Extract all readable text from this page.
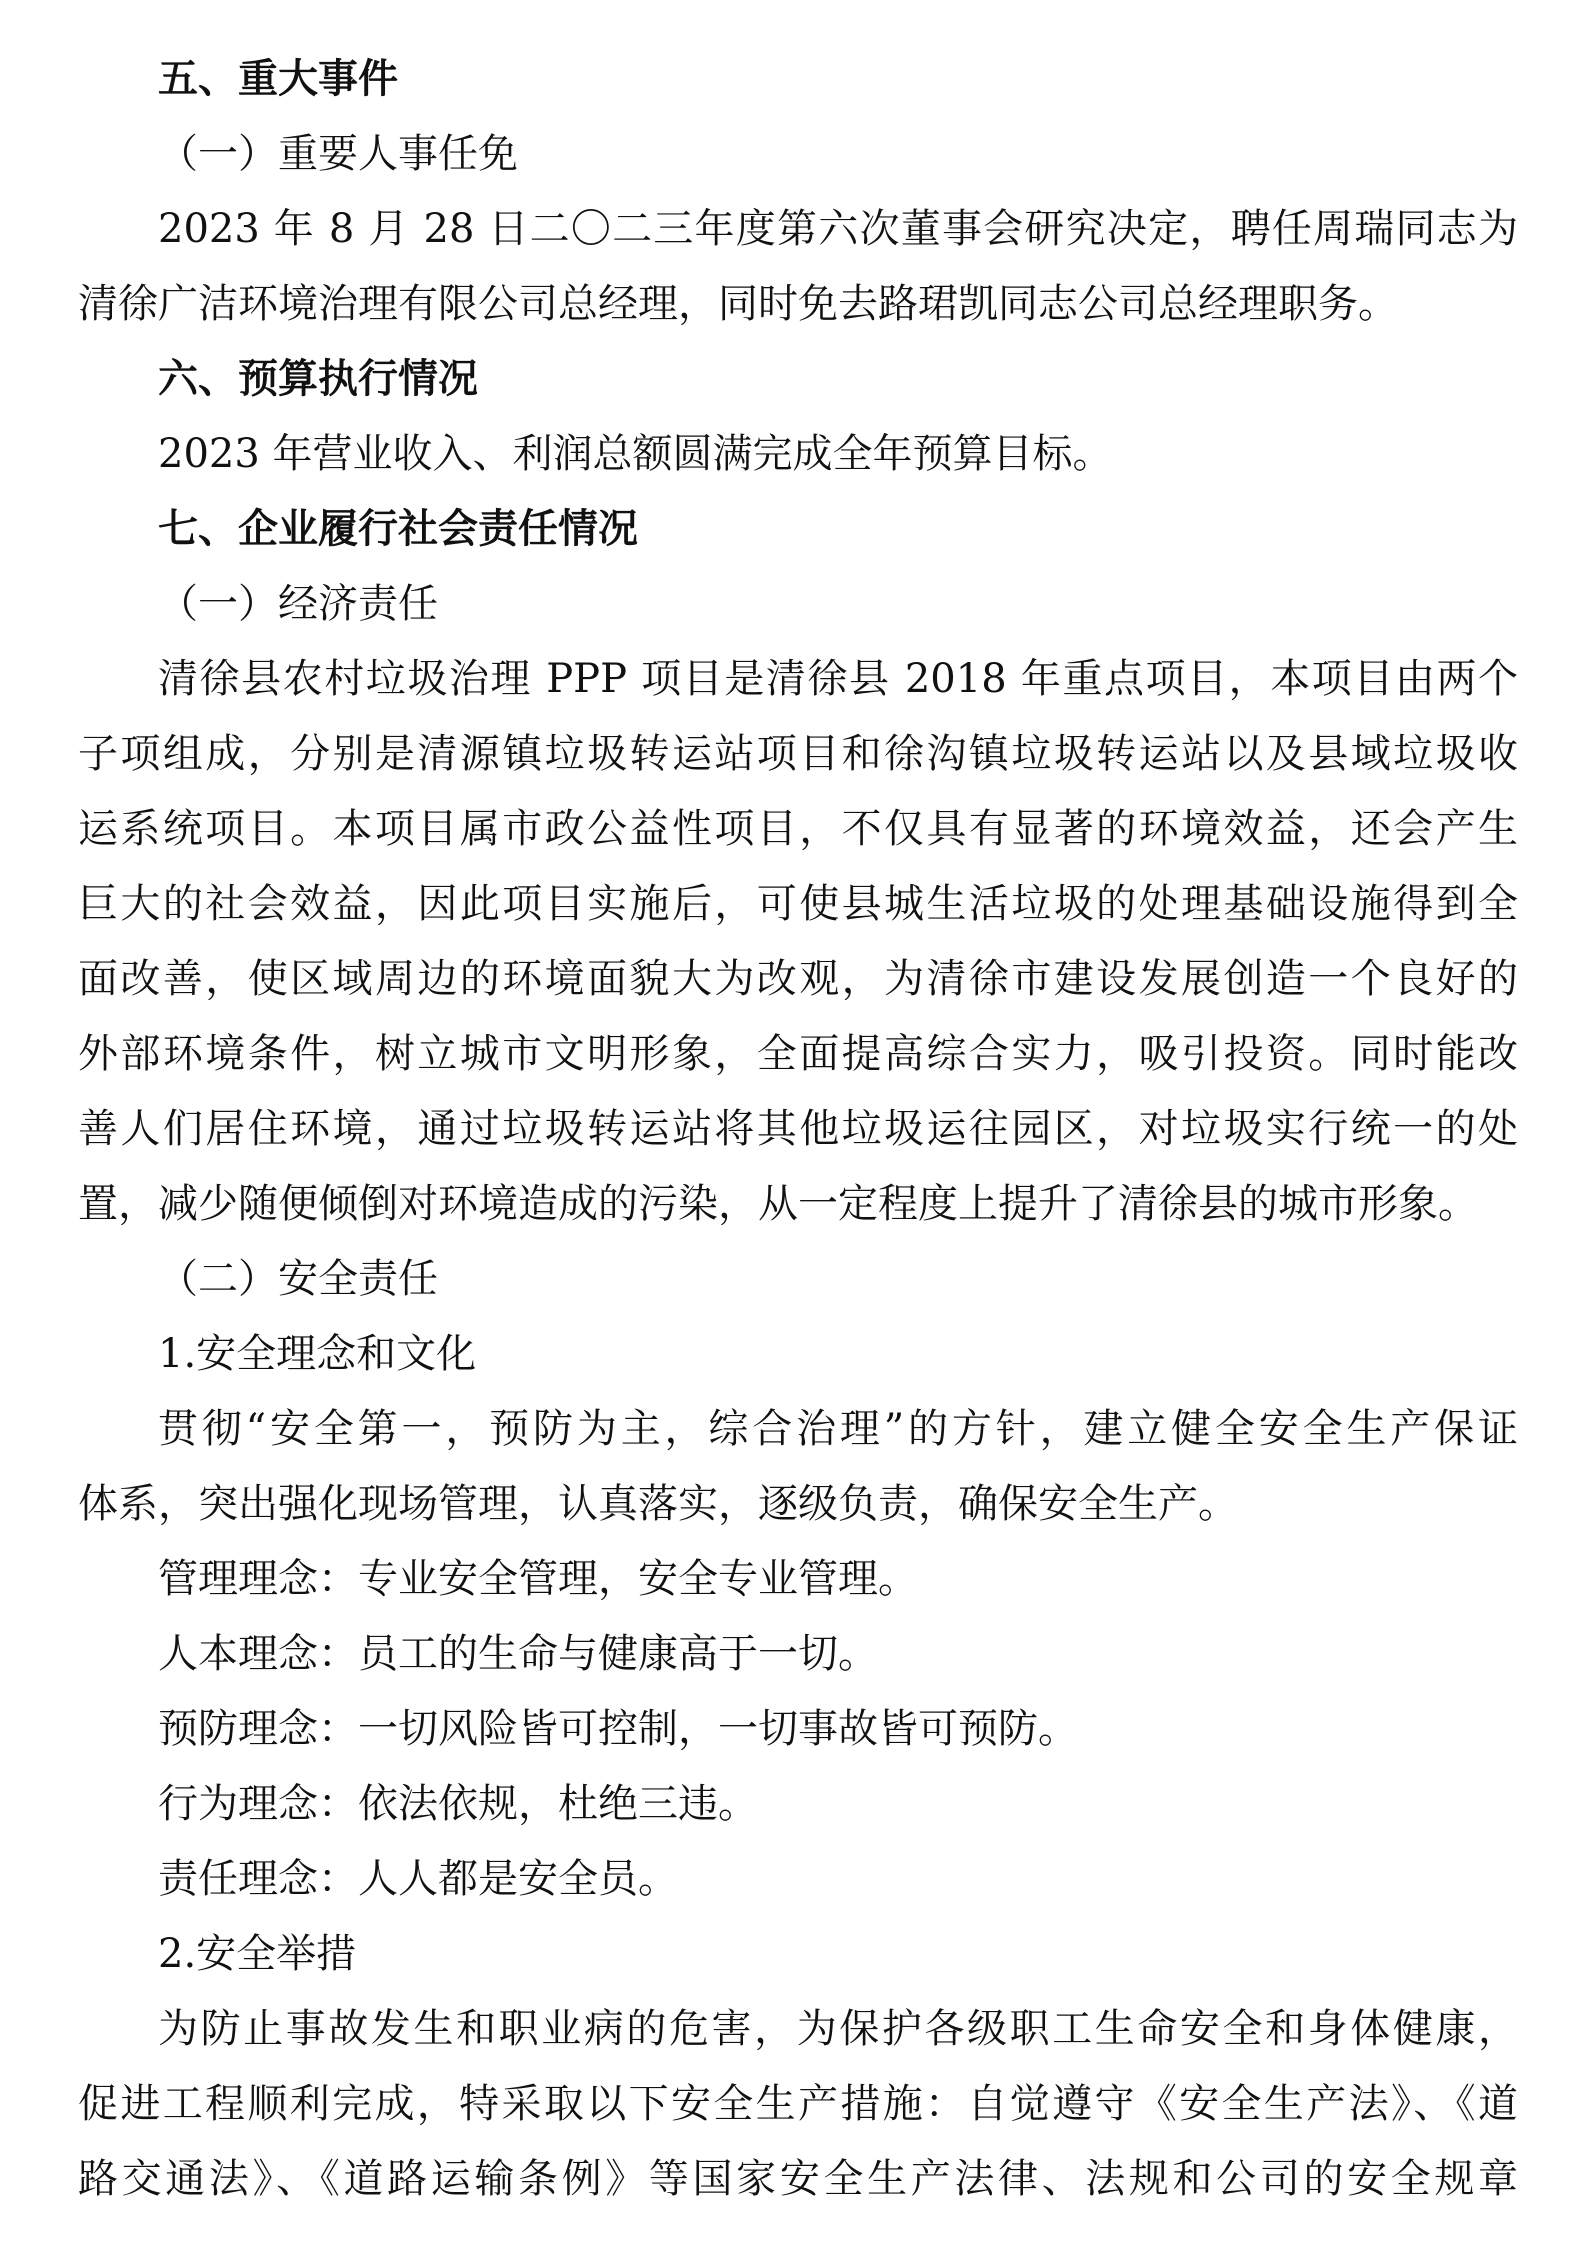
五、重大事件
（一）重要人事任免
2023 年 8 月 28 日二〇二三年度第六次董事会研究决定，聘任周瑞同志为
清徐广洁环境治理有限公司总经理，同时免去路珺凯同志公司总经理职务。
六、预算执行情况
2023 年营业收入、利润总额圆满完成全年预算目标。
七、企业履行社会责任情况
（一）经济责任
清徐县农村垃圾治理 PPP 项目是清徐县 2018 年重点项目，本项目由两个
子项组成，分别是清源镇垃圾转运站项目和徐沟镇垃圾转运站以及县域垃圾收
运系统项目。本项目属市政公益性项目，不仅具有显著的环境效益，还会产生
巨大的社会效益，因此项目实施后，可使县城生活垃圾的处理基础设施得到全
面改善，使区域周边的环境面貌大为改观，为清徐市建设发展创造一个良好的
外部环境条件，树立城市文明形象，全面提高综合实力，吸引投资。同时能改
善人们居住环境，通过垃圾转运站将其他垃圾运往园区，对垃圾实行统一的处
置，减少随便倾倒对环境造成的污染，从一定程度上提升了清徐县的城市形象。
（二）安全责任
1.安全理念和文化
贯彻“安全第一，预防为主，综合治理”的方针，建立健全安全生产保证
体系，突出强化现场管理，认真落实，逐级负责，确保安全生产。
管理理念：专业安全管理，安全专业管理。
人本理念：员工的生命与健康高于一切。
预防理念：一切风险皆可控制，一切事故皆可预防。
行为理念：依法依规，杜绝三违。
责任理念：人人都是安全员。
2.安全举措
为防止事故发生和职业病的危害，为保护各级职工生命安全和身体健康，
促进工程顺利完成，特采取以下安全生产措施：自觉遵守《安全生产法》、《道
路交通法》、《道路运输条例》等国家安全生产法律、法规和公司的安全规章
